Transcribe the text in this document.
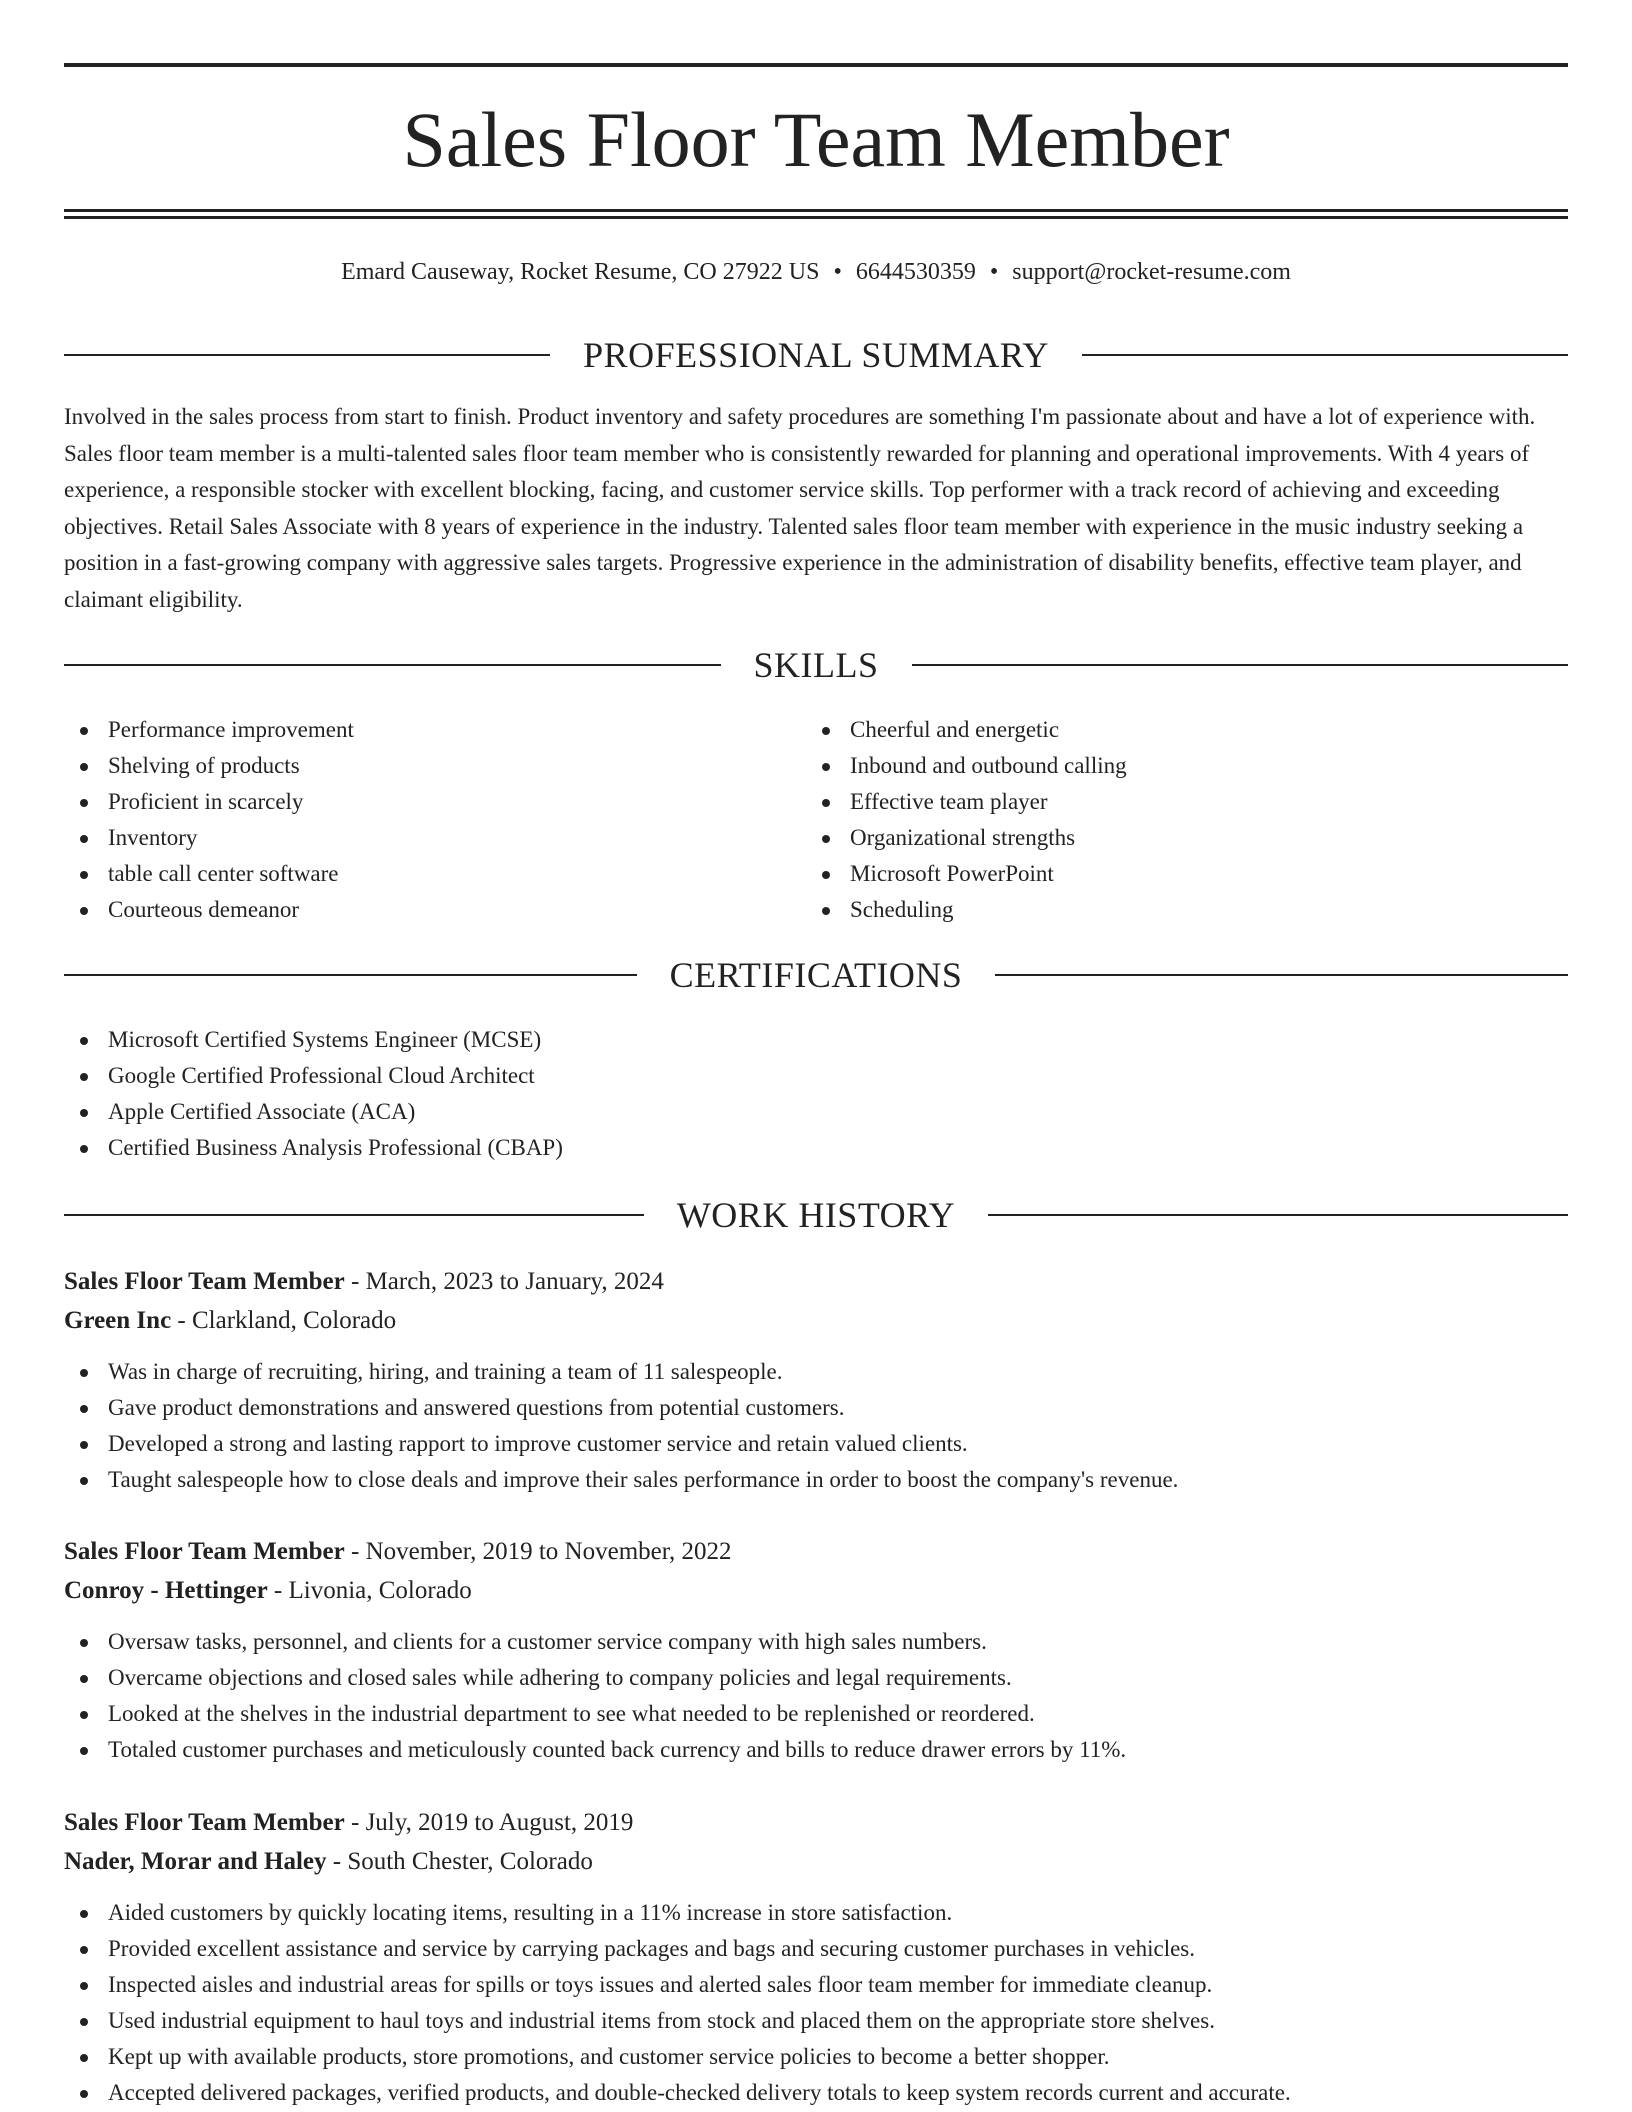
Sales Floor Team Member
Emard Causeway, Rocket Resume, CO 27922 US • 6644530359 • support@rocket-resume.com
PROFESSIONAL SUMMARY

Involved in the sales process from start to finish. Product inventory and safety procedures are something I'm passionate about and have a lot of experience with. Sales floor team member is a multi-talented sales floor team member who is consistently rewarded for planning and operational improvements. With 4 years of experience, a responsible stocker with excellent blocking, facing, and customer service skills. Top performer with a track record of achieving and exceeding objectives. Retail Sales Associate with 8 years of experience in the industry. Talented sales floor team member with experience in the music industry seeking a position in a fast-growing company with aggressive sales targets. Progressive experience in the administration of disability benefits, effective team player, and claimant eligibility.

SKILLS
Performance improvement
Shelving of products
Proficient in scarcely
Inventory
table call center software
Courteous demeanor
Cheerful and energetic
Inbound and outbound calling
Effective team player
Organizational strengths
Microsoft PowerPoint
Scheduling
CERTIFICATIONS
Microsoft Certified Systems Engineer (MCSE)
Google Certified Professional Cloud Architect
Apple Certified Associate (ACA)
Certified Business Analysis Professional (CBAP)
WORK HISTORY
Sales Floor Team Member - March, 2023 to January, 2024
Green Inc - Clarkland, Colorado
Was in charge of recruiting, hiring, and training a team of 11 salespeople.
Gave product demonstrations and answered questions from potential customers.
Developed a strong and lasting rapport to improve customer service and retain valued clients.
Taught salespeople how to close deals and improve their sales performance in order to boost the company's revenue.
Sales Floor Team Member - November, 2019 to November, 2022
Conroy - Hettinger - Livonia, Colorado
Oversaw tasks, personnel, and clients for a customer service company with high sales numbers.
Overcame objections and closed sales while adhering to company policies and legal requirements.
Looked at the shelves in the industrial department to see what needed to be replenished or reordered.
Totaled customer purchases and meticulously counted back currency and bills to reduce drawer errors by 11%.
Sales Floor Team Member - July, 2019 to August, 2019
Nader, Morar and Haley - South Chester, Colorado
Aided customers by quickly locating items, resulting in a 11% increase in store satisfaction.
Provided excellent assistance and service by carrying packages and bags and securing customer purchases in vehicles.
Inspected aisles and industrial areas for spills or toys issues and alerted sales floor team member for immediate cleanup.
Used industrial equipment to haul toys and industrial items from stock and placed them on the appropriate store shelves.
Kept up with available products, store promotions, and customer service policies to become a better shopper.
Accepted delivered packages, verified products, and double-checked delivery totals to keep system records current and accurate.
